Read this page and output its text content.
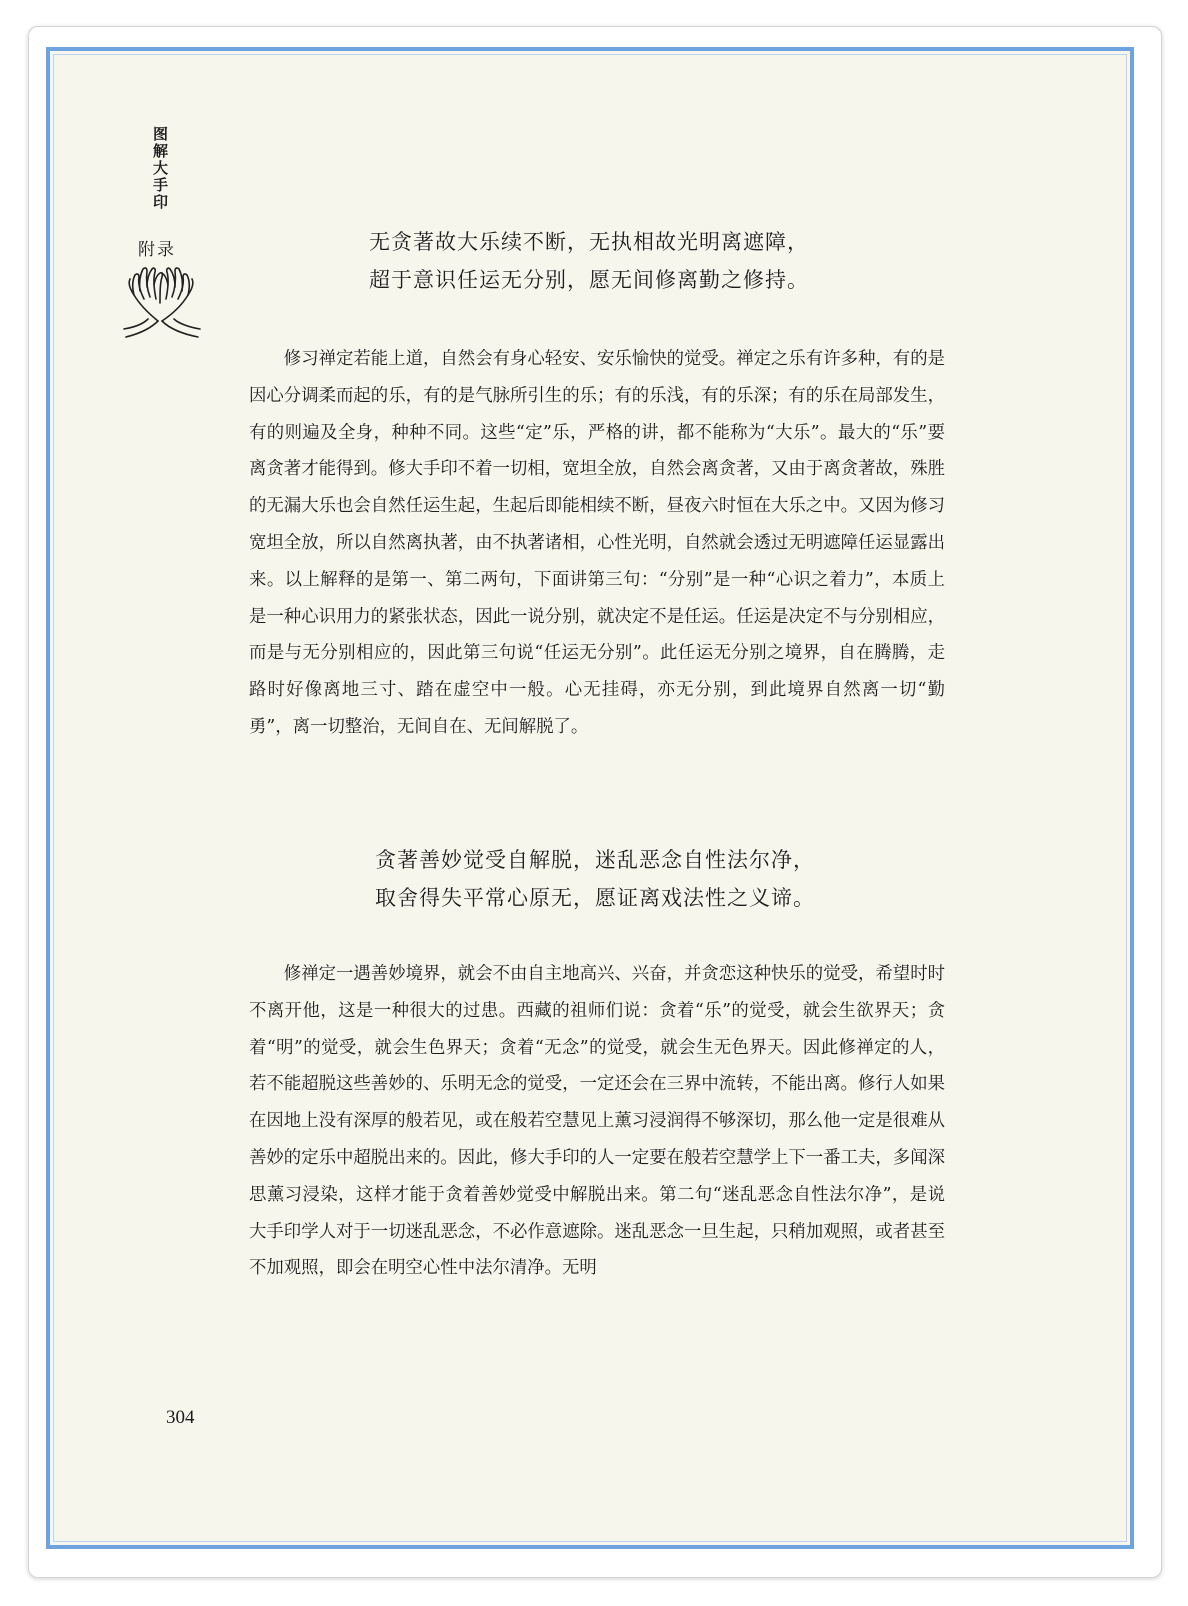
图解大手印
附录	无贪著故大乐续不断，无执相故光明离遮障，
超于意识任运无分别，愿无间修离勤之修持。
修习禅定若能上道，自然会有身心轻安、安乐愉快的觉受。禅定之乐有许多种，有的是因心分调柔而起的乐，有的是气脉所引生的乐；有的乐浅，有的乐深；有的乐在局部发生，有的则遍及全身，种种不同。这些“定”乐，严格的讲，都不能称为“大乐”。最大的“乐”要离贪著才能得到。修大手印不着一切相，宽坦全放，自然会离贪著，又由于离贪著故，殊胜的无漏大乐也会自然任运生起，生起后即能相续不断，昼夜六时恒在大乐之中。又因为修习宽坦全放，所以自然离执著，由不执著诸相，心性光明，自然就会透过无明遮障任运显露出来。以上解释的是第一、第二两句，下面讲第三句：“分别”是一种“心识之着力”，本质上是一种心识用力的紧张状态，因此一说分别，就决定不是任运。任运是决定不与分别相应，而是与无分别相应的，因此第三句说“任运无分别”。此任运无分别之境界，自在腾腾，走路时好像离地三寸、踏在虚空中一般。心无挂碍，亦无分别，到此境界自然离一切“勤勇”，离一切整治，无间自在、无间解脱了。
贪著善妙觉受自解脱，迷乱恶念自性法尔净，
取舍得失平常心原无，愿证离戏法性之义谛。
修禅定一遇善妙境界，就会不由自主地高兴、兴奋，并贪恋这种快乐的觉受，希望时时不离开他，这是一种很大的过患。西藏的祖师们说：贪着“乐”的觉受，就会生欲界天；贪着“明”的觉受，就会生色界天；贪着“无念”的觉受，就会生无色界天。因此修禅定的人，若不能超脱这些善妙的、乐明无念的觉受，一定还会在三界中流转，不能出离。修行人如果在因地上没有深厚的般若见，或在般若空慧见上薰习浸润得不够深切，那么他一定是很难从善妙的定乐中超脱出来的。因此，修大手印的人一定要在般若空慧学上下一番工夫，多闻深思薰习浸染，这样才能于贪着善妙觉受中解脱出来。第二句“迷乱恶念自性法尔净”，是说大手印学人对于一切迷乱恶念，不必作意遮除。迷乱恶念一旦生起，只稍加观照，或者甚至不加观照，即会在明空心性中法尔清净。无明
304
